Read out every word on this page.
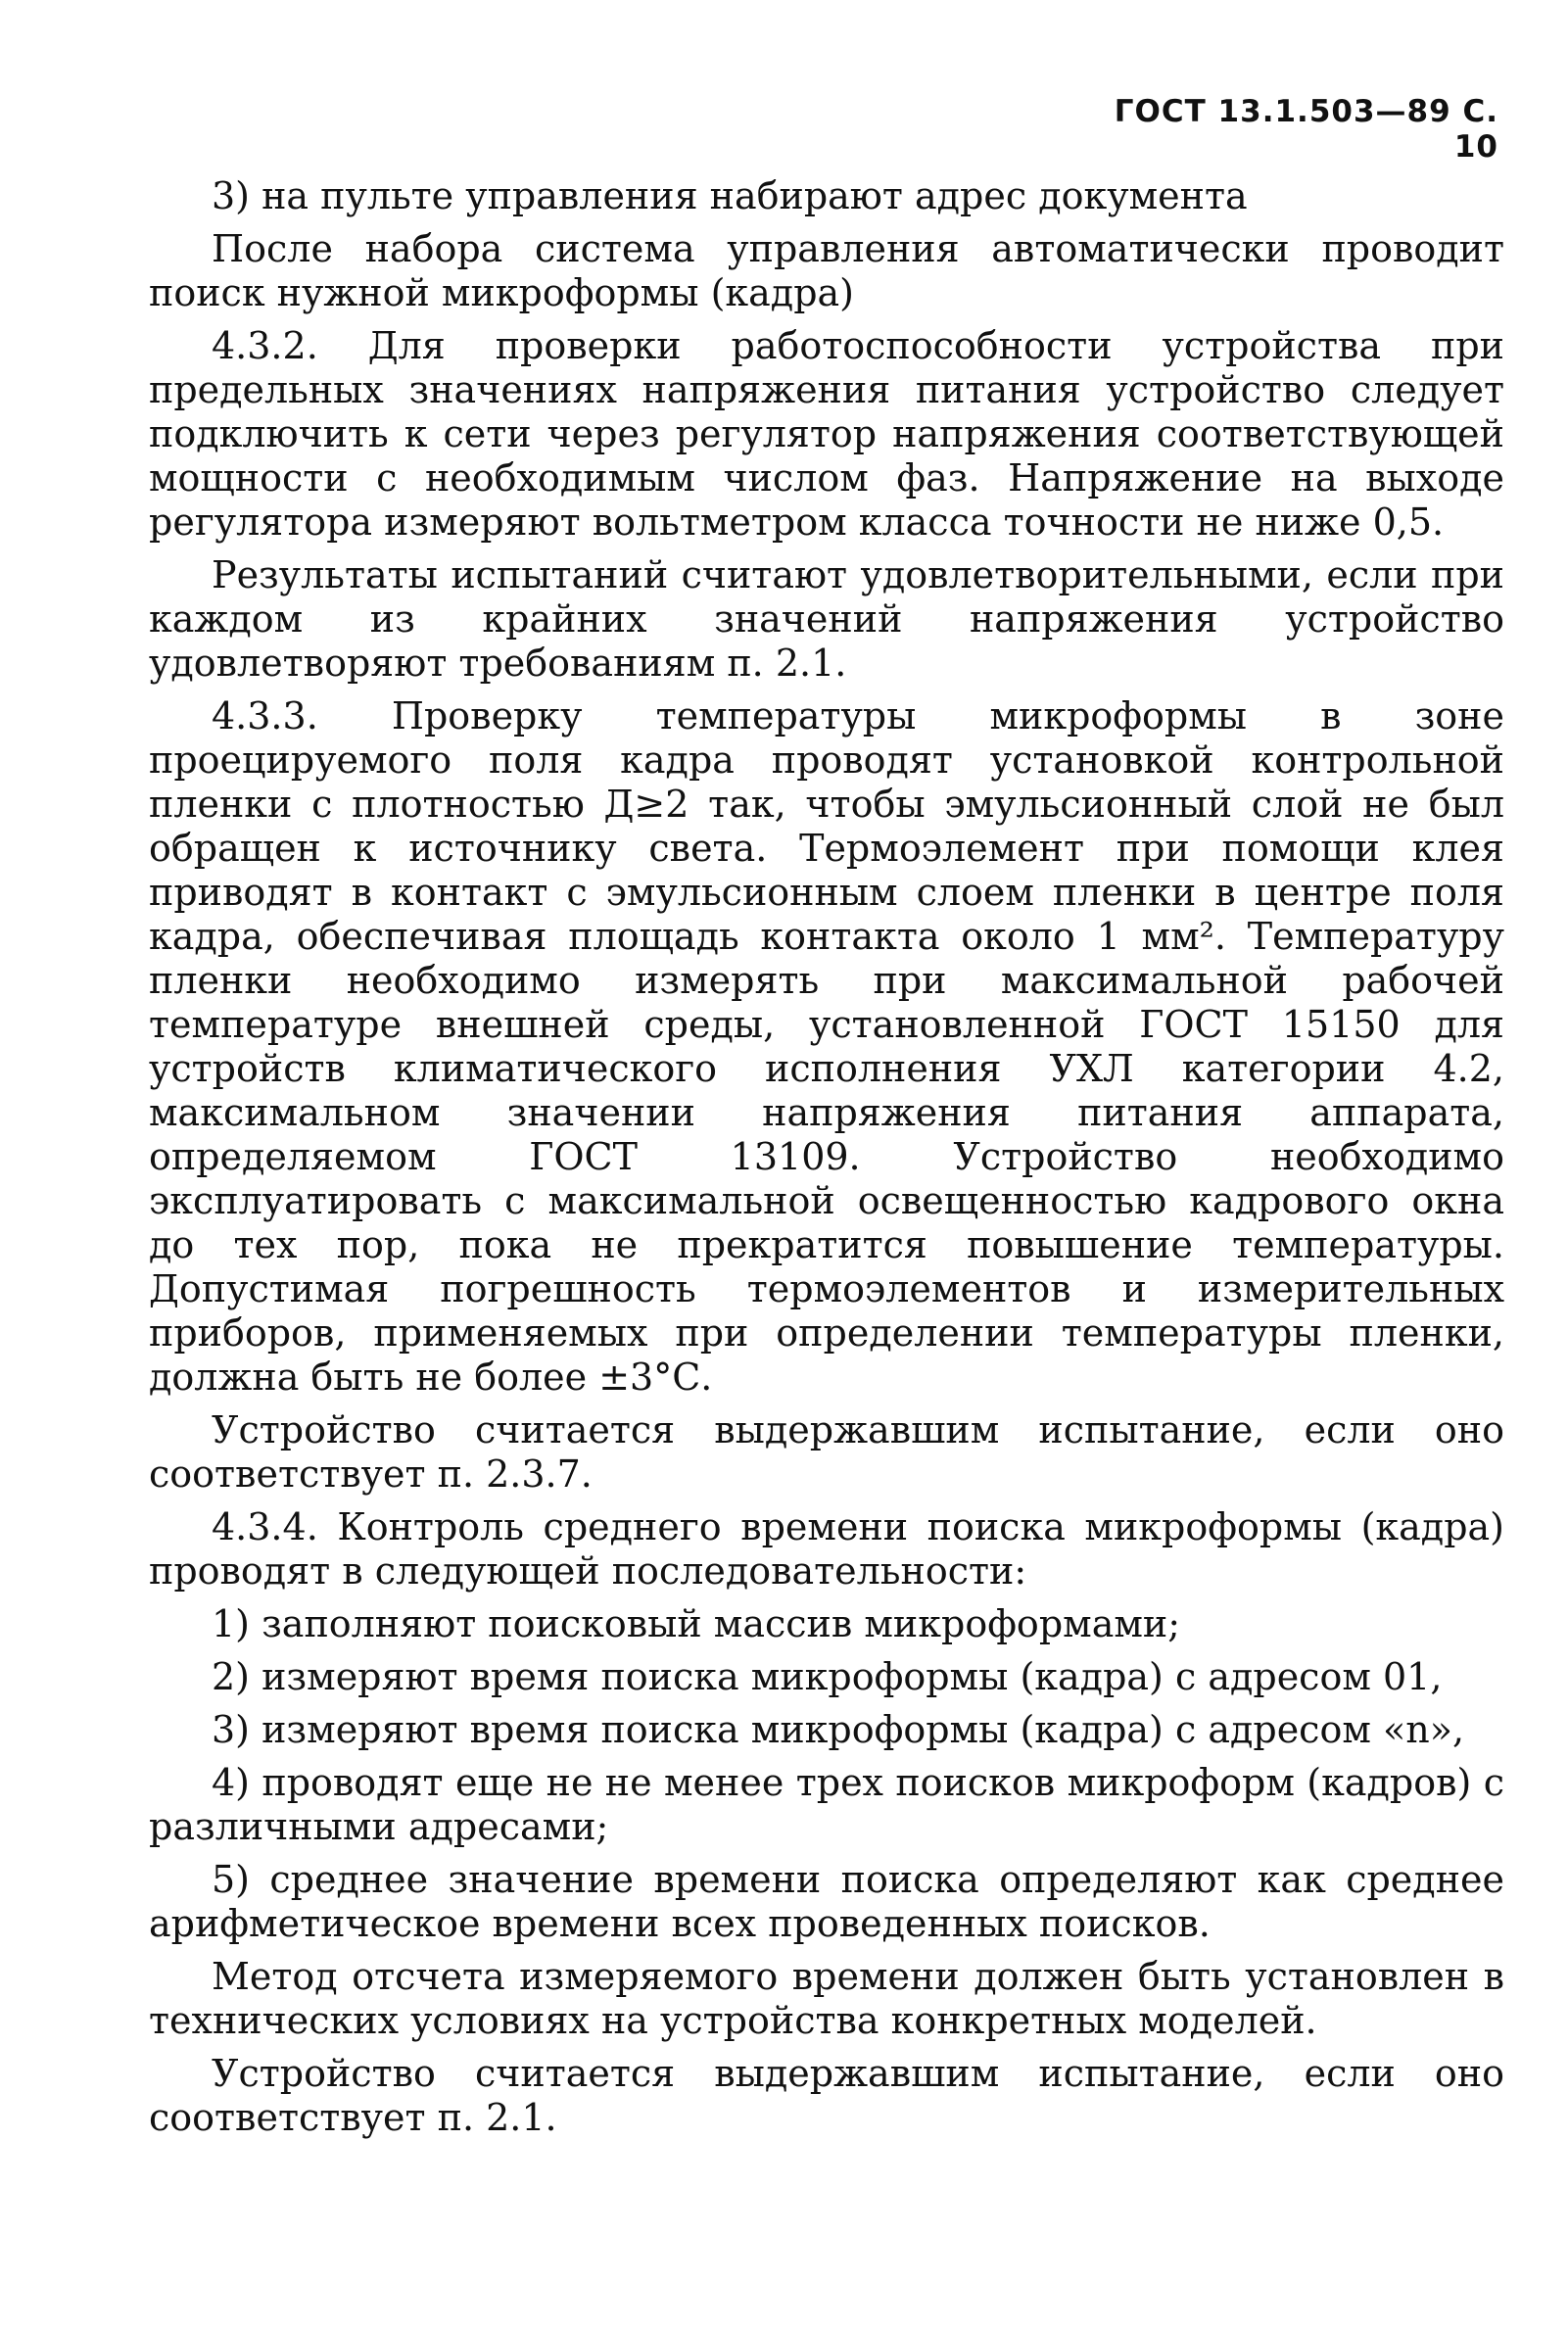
ГОСТ 13.1.503—89 С. 10

3) на пульте управления набирают адрес документа

После набора система управления автоматически проводит поиск нужной микроформы (кадра)

4.3.2. Для проверки работоспособности устройства при предельных значениях напряжения питания устройство следует подключить к сети через регулятор напряжения соответствующей мощности с необходимым числом фаз. Напряжение на выходе регулятора измеряют вольтметром класса точности не ниже 0,5.

Результаты испытаний считают удовлетворительными, если при каждом из крайних значений напряжения устройство удовлетворяют требованиям п. 2.1.

4.3.3. Проверку температуры микроформы в зоне проецируемого поля кадра проводят установкой контрольной пленки с плотностью Д≥2 так, чтобы эмульсионный слой не был обращен к источнику света. Термоэлемент при помощи клея приводят в контакт с эмульсионным слоем пленки в центре поля кадра, обеспечивая площадь контакта около 1 мм². Температуру пленки необходимо измерять при максимальной рабочей температуре внешней среды, установленной ГОСТ 15150 для устройств климатического исполнения УХЛ категории 4.2, максимальном значении напряжения питания аппарата, определяемом ГОСТ 13109. Устройство необходимо эксплуатировать с максимальной освещенностью кадрового окна до тех пор, пока не прекратится повышение температуры. Допустимая погрешность термоэлементов и измерительных приборов, применяемых при определении температуры пленки, должна быть не более ±3°С.

Устройство считается выдержавшим испытание, если оно соответствует п. 2.3.7.

4.3.4. Контроль среднего времени поиска микроформы (кадра) проводят в следующей последовательности:

1) заполняют поисковый массив микроформами;

2) измеряют время поиска микроформы (кадра) с адресом 01,

3) измеряют время поиска микроформы (кадра) с адресом «n»,

4) проводят еще не не менее трех поисков микроформ (кадров) с различными адресами;

5) среднее значение времени поиска определяют как среднее арифметическое времени всех проведенных поисков.

Метод отсчета измеряемого времени должен быть установлен в технических условиях на устройства конкретных моделей.

Устройство считается выдержавшим испытание, если оно соответствует п. 2.1.
